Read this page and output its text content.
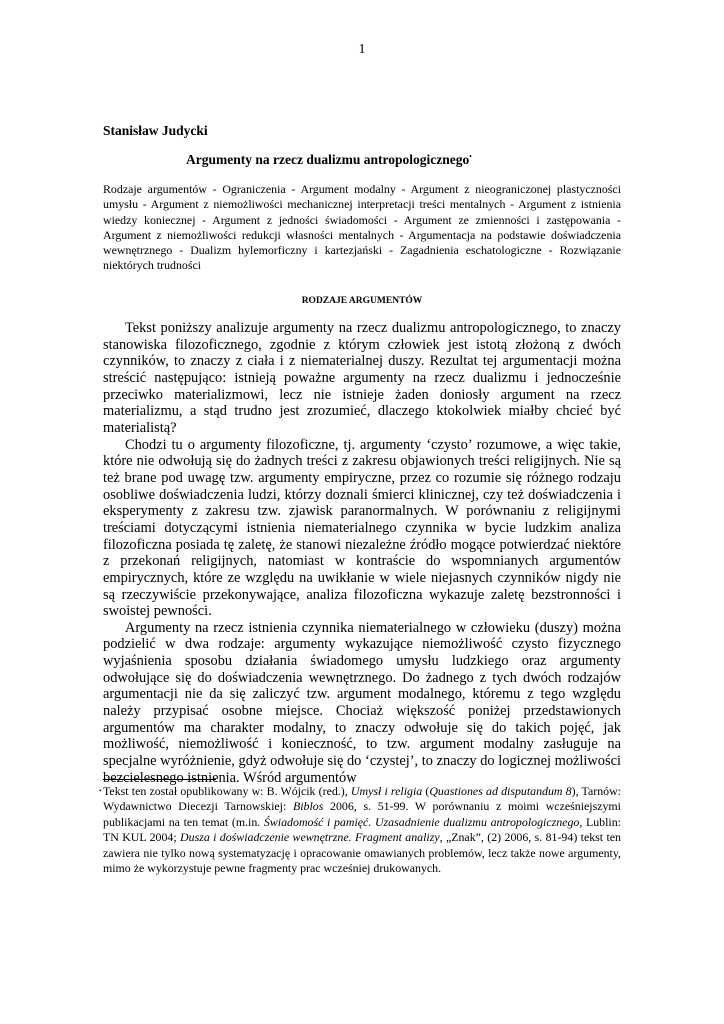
1
Stanisław Judycki
Argumenty na rzecz dualizmu antropologicznego•
Rodzaje argumentów - Ograniczenia - Argument modalny - Argument z nieograniczonej plastyczności umysłu - Argument z niemożliwości mechanicznej interpretacji treści mentalnych - Argument z istnienia wiedzy koniecznej - Argument z jedności świadomości - Argument ze zmienności i zastępowania - Argument z niemożliwości redukcji własności mentalnych - Argumentacja na podstawie doświadczenia wewnętrznego - Dualizm hylemorficzny i kartezjański - Zagadnienia eschatologiczne - Rozwiązanie niektórych trudności
RODZAJE ARGUMENTÓW

Tekst poniższy analizuje argumenty na rzecz dualizmu antropologicznego, to znaczy stanowiska filozoficznego, zgodnie z którym człowiek jest istotą złożoną z dwóch czynników, to znaczy z ciała i z niematerialnej duszy. Rezultat tej argumentacji można streścić następująco: istnieją poważne argumenty na rzecz dualizmu i jednocześnie przeciwko materializmowi, lecz nie istnieje żaden doniosły argument na rzecz materializmu, a stąd trudno jest zrozumieć, dlaczego ktokolwiek miałby chcieć być materialistą?

Chodzi tu o argumenty filozoficzne, tj. argumenty ‘czysto’ rozumowe, a więc takie, które nie odwołują się do żadnych treści z zakresu objawionych treści religijnych. Nie są też brane pod uwagę tzw. argumenty empiryczne, przez co rozumie się różnego rodzaju osobliwe doświadczenia ludzi, którzy doznali śmierci klinicznej, czy też doświadczenia i eksperymenty z zakresu tzw. zjawisk paranormalnych. W porównaniu z religijnymi treściami dotyczącymi istnienia niematerialnego czynnika w bycie ludzkim analiza filozoficzna posiada tę zaletę, że stanowi niezależne źródło mogące potwierdzać niektóre z przekonań religijnych, natomiast w kontraście do wspomnianych argumentów empirycznych, które ze względu na uwikłanie w wiele niejasnych czynników nigdy nie są rzeczywiście przekonywające, analiza filozoficzna wykazuje zaletę bezstronności i swoistej pewności.

Argumenty na rzecz istnienia czynnika niematerialnego w człowieku (duszy) można podzielić w dwa rodzaje: argumenty wykazujące niemożliwość czysto fizycznego wyjaśnienia sposobu działania świadomego umysłu ludzkiego oraz argumenty odwołujące się do doświadczenia wewnętrznego. Do żadnego z tych dwóch rodzajów argumentacji nie da się zaliczyć tzw. argument modalnego, któremu z tego względu należy przypisać osobne miejsce. Chociaż większość poniżej przedstawionych argumentów ma charakter modalny, to znaczy odwołuje się do takich pojęć, jak możliwość, niemożliwość i konieczność, to tzw. argument modalny zasługuje na specjalne wyróżnienie, gdyż odwołuje się do ‘czystej’, to znaczy do logicznej możliwości bezcielesnego istnienia. Wśród argumentów

• Tekst ten został opublikowany w: B. Wójcik (red.), Umysł i religia (Quastiones ad disputandum 8), Tarnów: Wydawnictwo Diecezji Tarnowskiej: Biblos 2006, s. 51-99. W porównaniu z moimi wcześniejszymi publikacjami na ten temat (m.in. Świadomość i pamięć. Uzasadnienie dualizmu antropologicznego, Lublin: TN KUL 2004; Dusza i doświadczenie wewnętrzne. Fragment analizy, „Znak”, (2) 2006, s. 81-94) tekst ten zawiera nie tylko nową systematyzację i opracowanie omawianych problemów, lecz także nowe argumenty, mimo że wykorzystuje pewne fragmenty prac wcześniej drukowanych.
